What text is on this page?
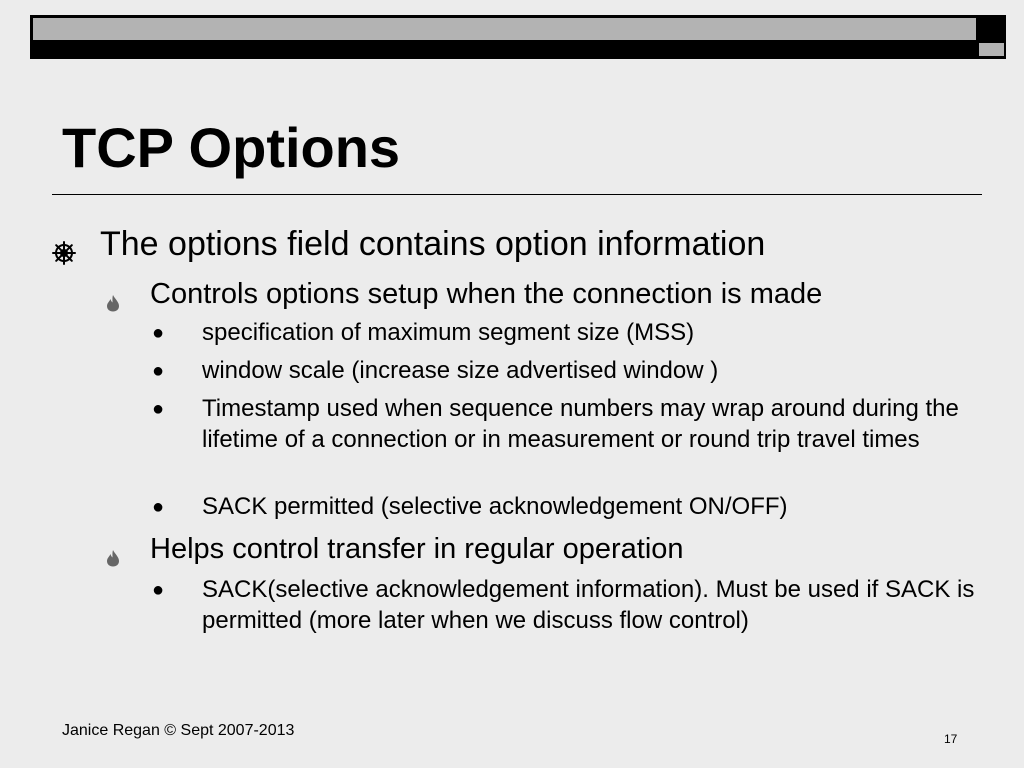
TCP Options
The options field contains option information
Controls options setup when the connection is made
● specification of maximum segment size (MSS)
● window scale (increase size advertised window )
● Timestamp used when sequence numbers may wrap around during the lifetime of a connection or in measurement or round trip travel times
● SACK permitted (selective acknowledgement ON/OFF)
Helps control transfer in regular operation
● SACK(selective acknowledgement information). Must be used if SACK is permitted (more later when we discuss flow control)
Janice Regan © Sept 2007-2013	17
